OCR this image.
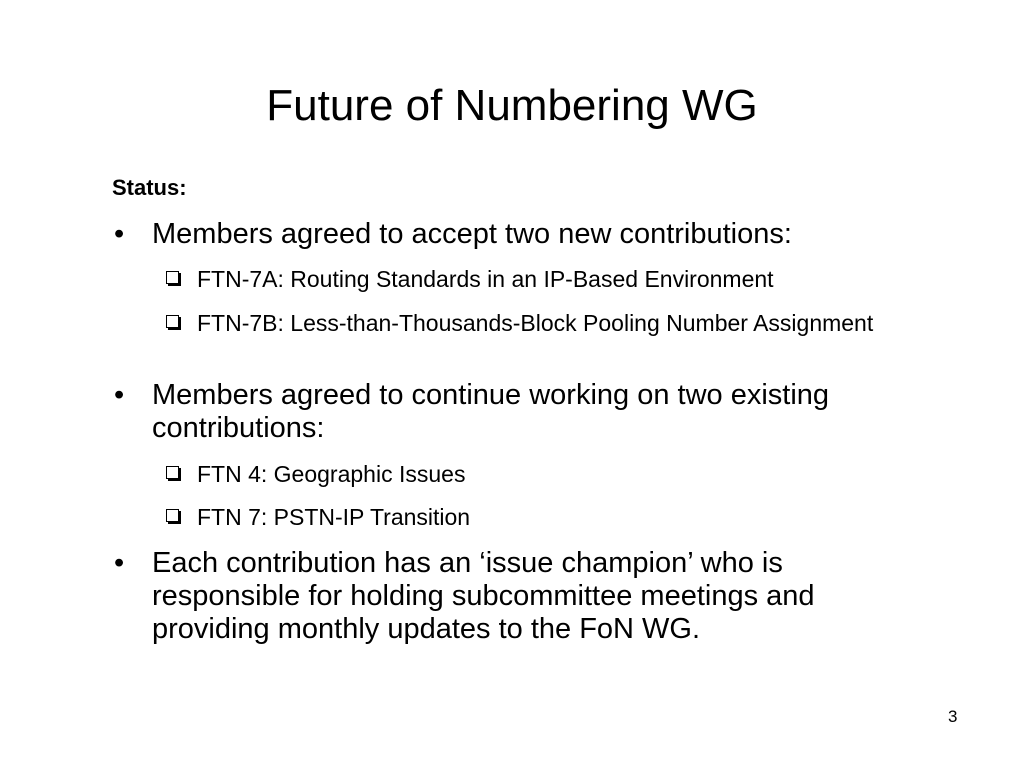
Future of Numbering WG
Status:
• Members agreed to accept two new contributions:
FTN-7A: Routing Standards in an IP-Based Environment
FTN-7B: Less-than-Thousands-Block Pooling Number Assignment
• Members agreed to continue working on two existing contributions:
FTN 4: Geographic Issues
FTN 7: PSTN-IP Transition
• Each contribution has an ‘issue champion’ who is responsible for holding subcommittee meetings and providing monthly updates to the FoN WG.
3
